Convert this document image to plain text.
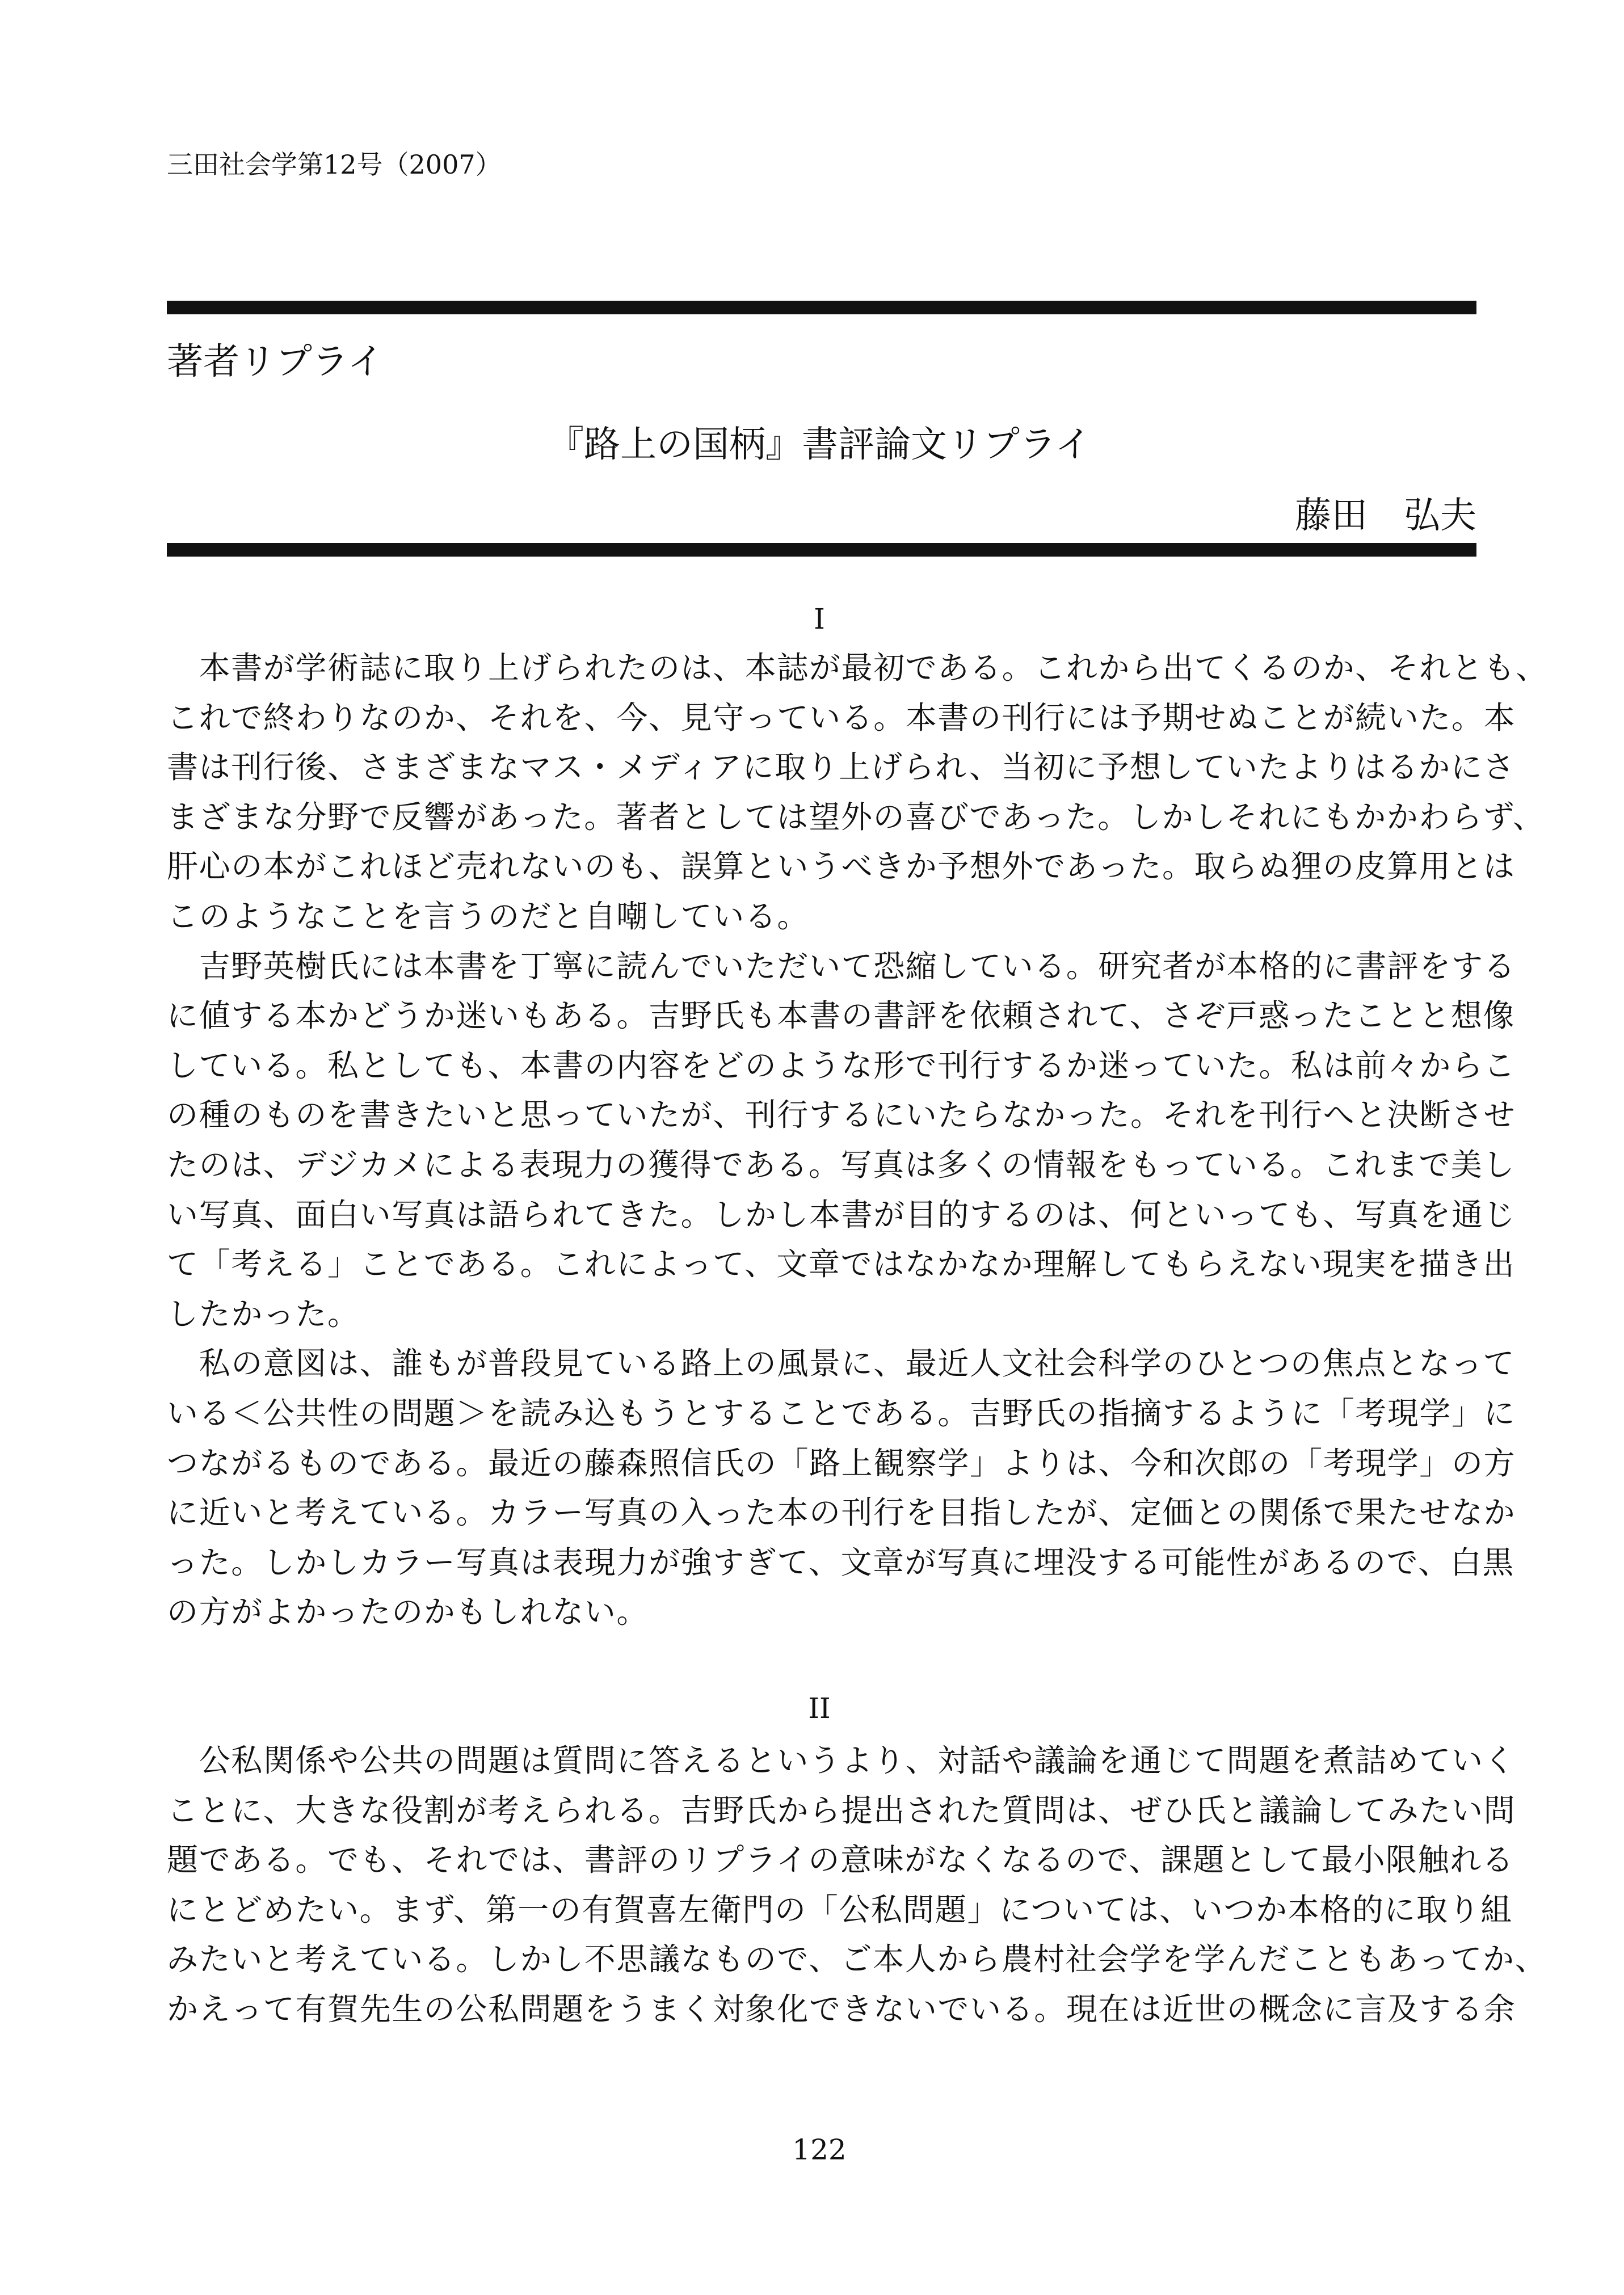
三田社会学第12号（2007）
著者リプライ
『路上の国柄』書評論文リプライ
藤田　弘夫
I
　本書が学術誌に取り上げられたのは、本誌が最初である。これから出てくるのか、それとも、
これで終わりなのか、それを、今、見守っている。本書の刊行には予期せぬことが続いた。本
書は刊行後、さまざまなマス・メディアに取り上げられ、当初に予想していたよりはるかにさ
まざまな分野で反響があった。著者としては望外の喜びであった。しかしそれにもかかわらず、
肝心の本がこれほど売れないのも、誤算というべきか予想外であった。取らぬ狸の皮算用とは
このようなことを言うのだと自嘲している。
　吉野英樹氏には本書を丁寧に読んでいただいて恐縮している。研究者が本格的に書評をする
に値する本かどうか迷いもある。吉野氏も本書の書評を依頼されて、さぞ戸惑ったことと想像
している。私としても、本書の内容をどのような形で刊行するか迷っていた。私は前々からこ
の種のものを書きたいと思っていたが、刊行するにいたらなかった。それを刊行へと決断させ
たのは、デジカメによる表現力の獲得である。写真は多くの情報をもっている。これまで美し
い写真、面白い写真は語られてきた。しかし本書が目的するのは、何といっても、写真を通じ
て「考える」ことである。これによって、文章ではなかなか理解してもらえない現実を描き出
したかった。
　私の意図は、誰もが普段見ている路上の風景に、最近人文社会科学のひとつの焦点となって
いる＜公共性の問題＞を読み込もうとすることである。吉野氏の指摘するように「考現学」に
つながるものである。最近の藤森照信氏の「路上観察学」よりは、今和次郎の「考現学」の方
に近いと考えている。カラー写真の入った本の刊行を目指したが、定価との関係で果たせなか
った。しかしカラー写真は表現力が強すぎて、文章が写真に埋没する可能性があるので、白黒
の方がよかったのかもしれない。
II
　公私関係や公共の問題は質問に答えるというより、対話や議論を通じて問題を煮詰めていく
ことに、大きな役割が考えられる。吉野氏から提出された質問は、ぜひ氏と議論してみたい問
題である。でも、それでは、書評のリプライの意味がなくなるので、課題として最小限触れる
にとどめたい。まず、第一の有賀喜左衛門の「公私問題」については、いつか本格的に取り組
みたいと考えている。しかし不思議なもので、ご本人から農村社会学を学んだこともあってか、
かえって有賀先生の公私問題をうまく対象化できないでいる。現在は近世の概念に言及する余
122
